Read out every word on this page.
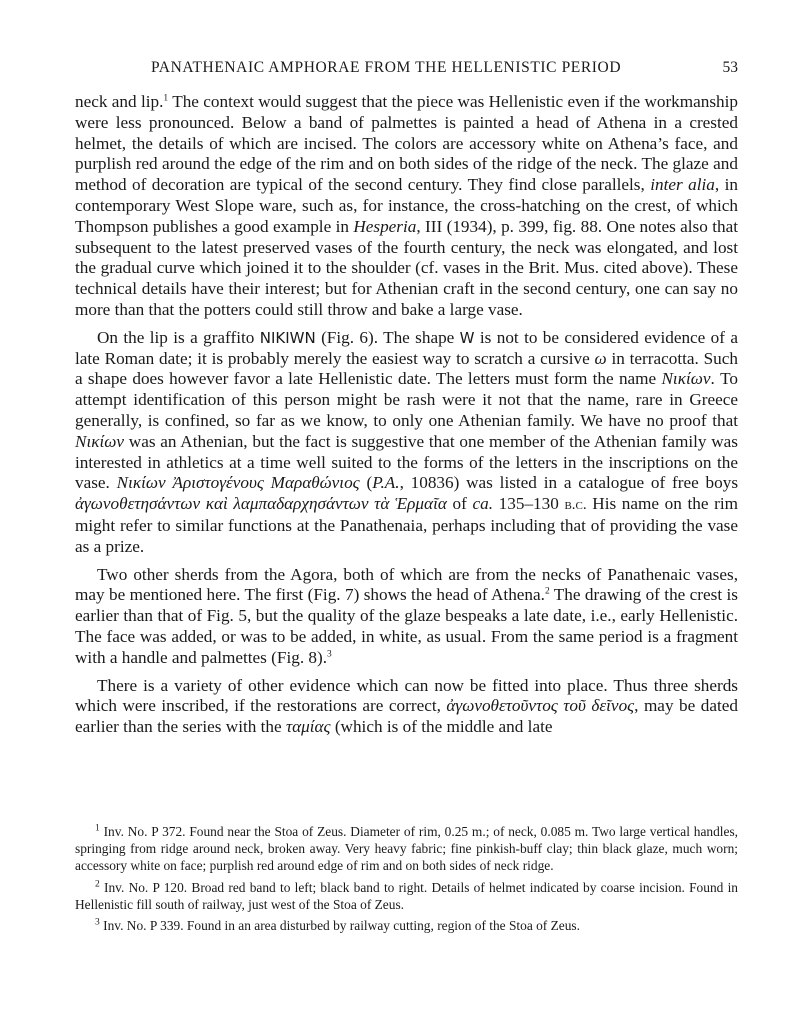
PANATHENAIC AMPHORAE FROM THE HELLENISTIC PERIOD	53

neck and lip.$^1$ The context would suggest that the piece was Hellenistic even if the workmanship were less pronounced. Below a band of palmettes is painted a head of Athena in a crested helmet, the details of which are incised. The colors are accessory white on Athena’s face, and purplish red around the edge of the rim and on both sides of the ridge of the neck. The glaze and method of decoration are typical of the second century. They find close parallels, inter alia, in contemporary West Slope ware, such as, for instance, the cross-hatching on the crest, of which Thompson publishes a good example in Hesperia, III (1934), p. 399, fig. 88. One notes also that subsequent to the latest preserved vases of the fourth century, the neck was elongated, and lost the gradual curve which joined it to the shoulder (cf. vases in the Brit. Mus. cited above). These technical details have their interest; but for Athenian craft in the second century, one can say no more than that the potters could still throw and bake a large vase.

On the lip is a graffito NIKIWN (Fig. 6). The shape W is not to be considered evidence of a late Roman date; it is probably merely the easiest way to scratch a cursive ω in terracotta. Such a shape does however favor a late Hellenistic date. The letters must form the name Νικίων. To attempt identification of this person might be rash were it not that the name, rare in Greece generally, is confined, so far as we know, to only one Athenian family. We have no proof that Νικίων was an Athenian, but the fact is suggestive that one member of the Athenian family was interested in athletics at a time well suited to the forms of the letters in the inscriptions on the vase. Νικίων Ἀριστογένους Μαραθώνιος (P.A., 10836) was listed in a catalogue of free boys ἀγωνοθετησάντων καὶ λαμπαδαρχησάντων τὰ Ἑρμαῖα of ca. 135–130 b.c. His name on the rim might refer to similar functions at the Panathenaia, perhaps including that of providing the vase as a prize.

Two other sherds from the Agora, both of which are from the necks of Panathenaic vases, may be mentioned here. The first (Fig. 7) shows the head of Athena.$^2$ The drawing of the crest is earlier than that of Fig. 5, but the quality of the glaze bespeaks a late date, i.e., early Hellenistic. The face was added, or was to be added, in white, as usual. From the same period is a fragment with a handle and palmettes (Fig. 8).$^3$

There is a variety of other evidence which can now be fitted into place. Thus three sherds which were inscribed, if the restorations are correct, ἀγωνοθετοῦντος τοῦ δεῖνος, may be dated earlier than the series with the ταμίας (which is of the middle and late

$^1$ Inv. No. P 372. Found near the Stoa of Zeus. Diameter of rim, 0.25 m.; of neck, 0.085 m. Two large vertical handles, springing from ridge around neck, broken away. Very heavy fabric; fine pinkish-buff clay; thin black glaze, much worn; accessory white on face; purplish red around edge of rim and on both sides of neck ridge.

$^2$ Inv. No. P 120. Broad red band to left; black band to right. Details of helmet indicated by coarse incision. Found in Hellenistic fill south of railway, just west of the Stoa of Zeus.

$^3$ Inv. No. P 339. Found in an area disturbed by railway cutting, region of the Stoa of Zeus.
